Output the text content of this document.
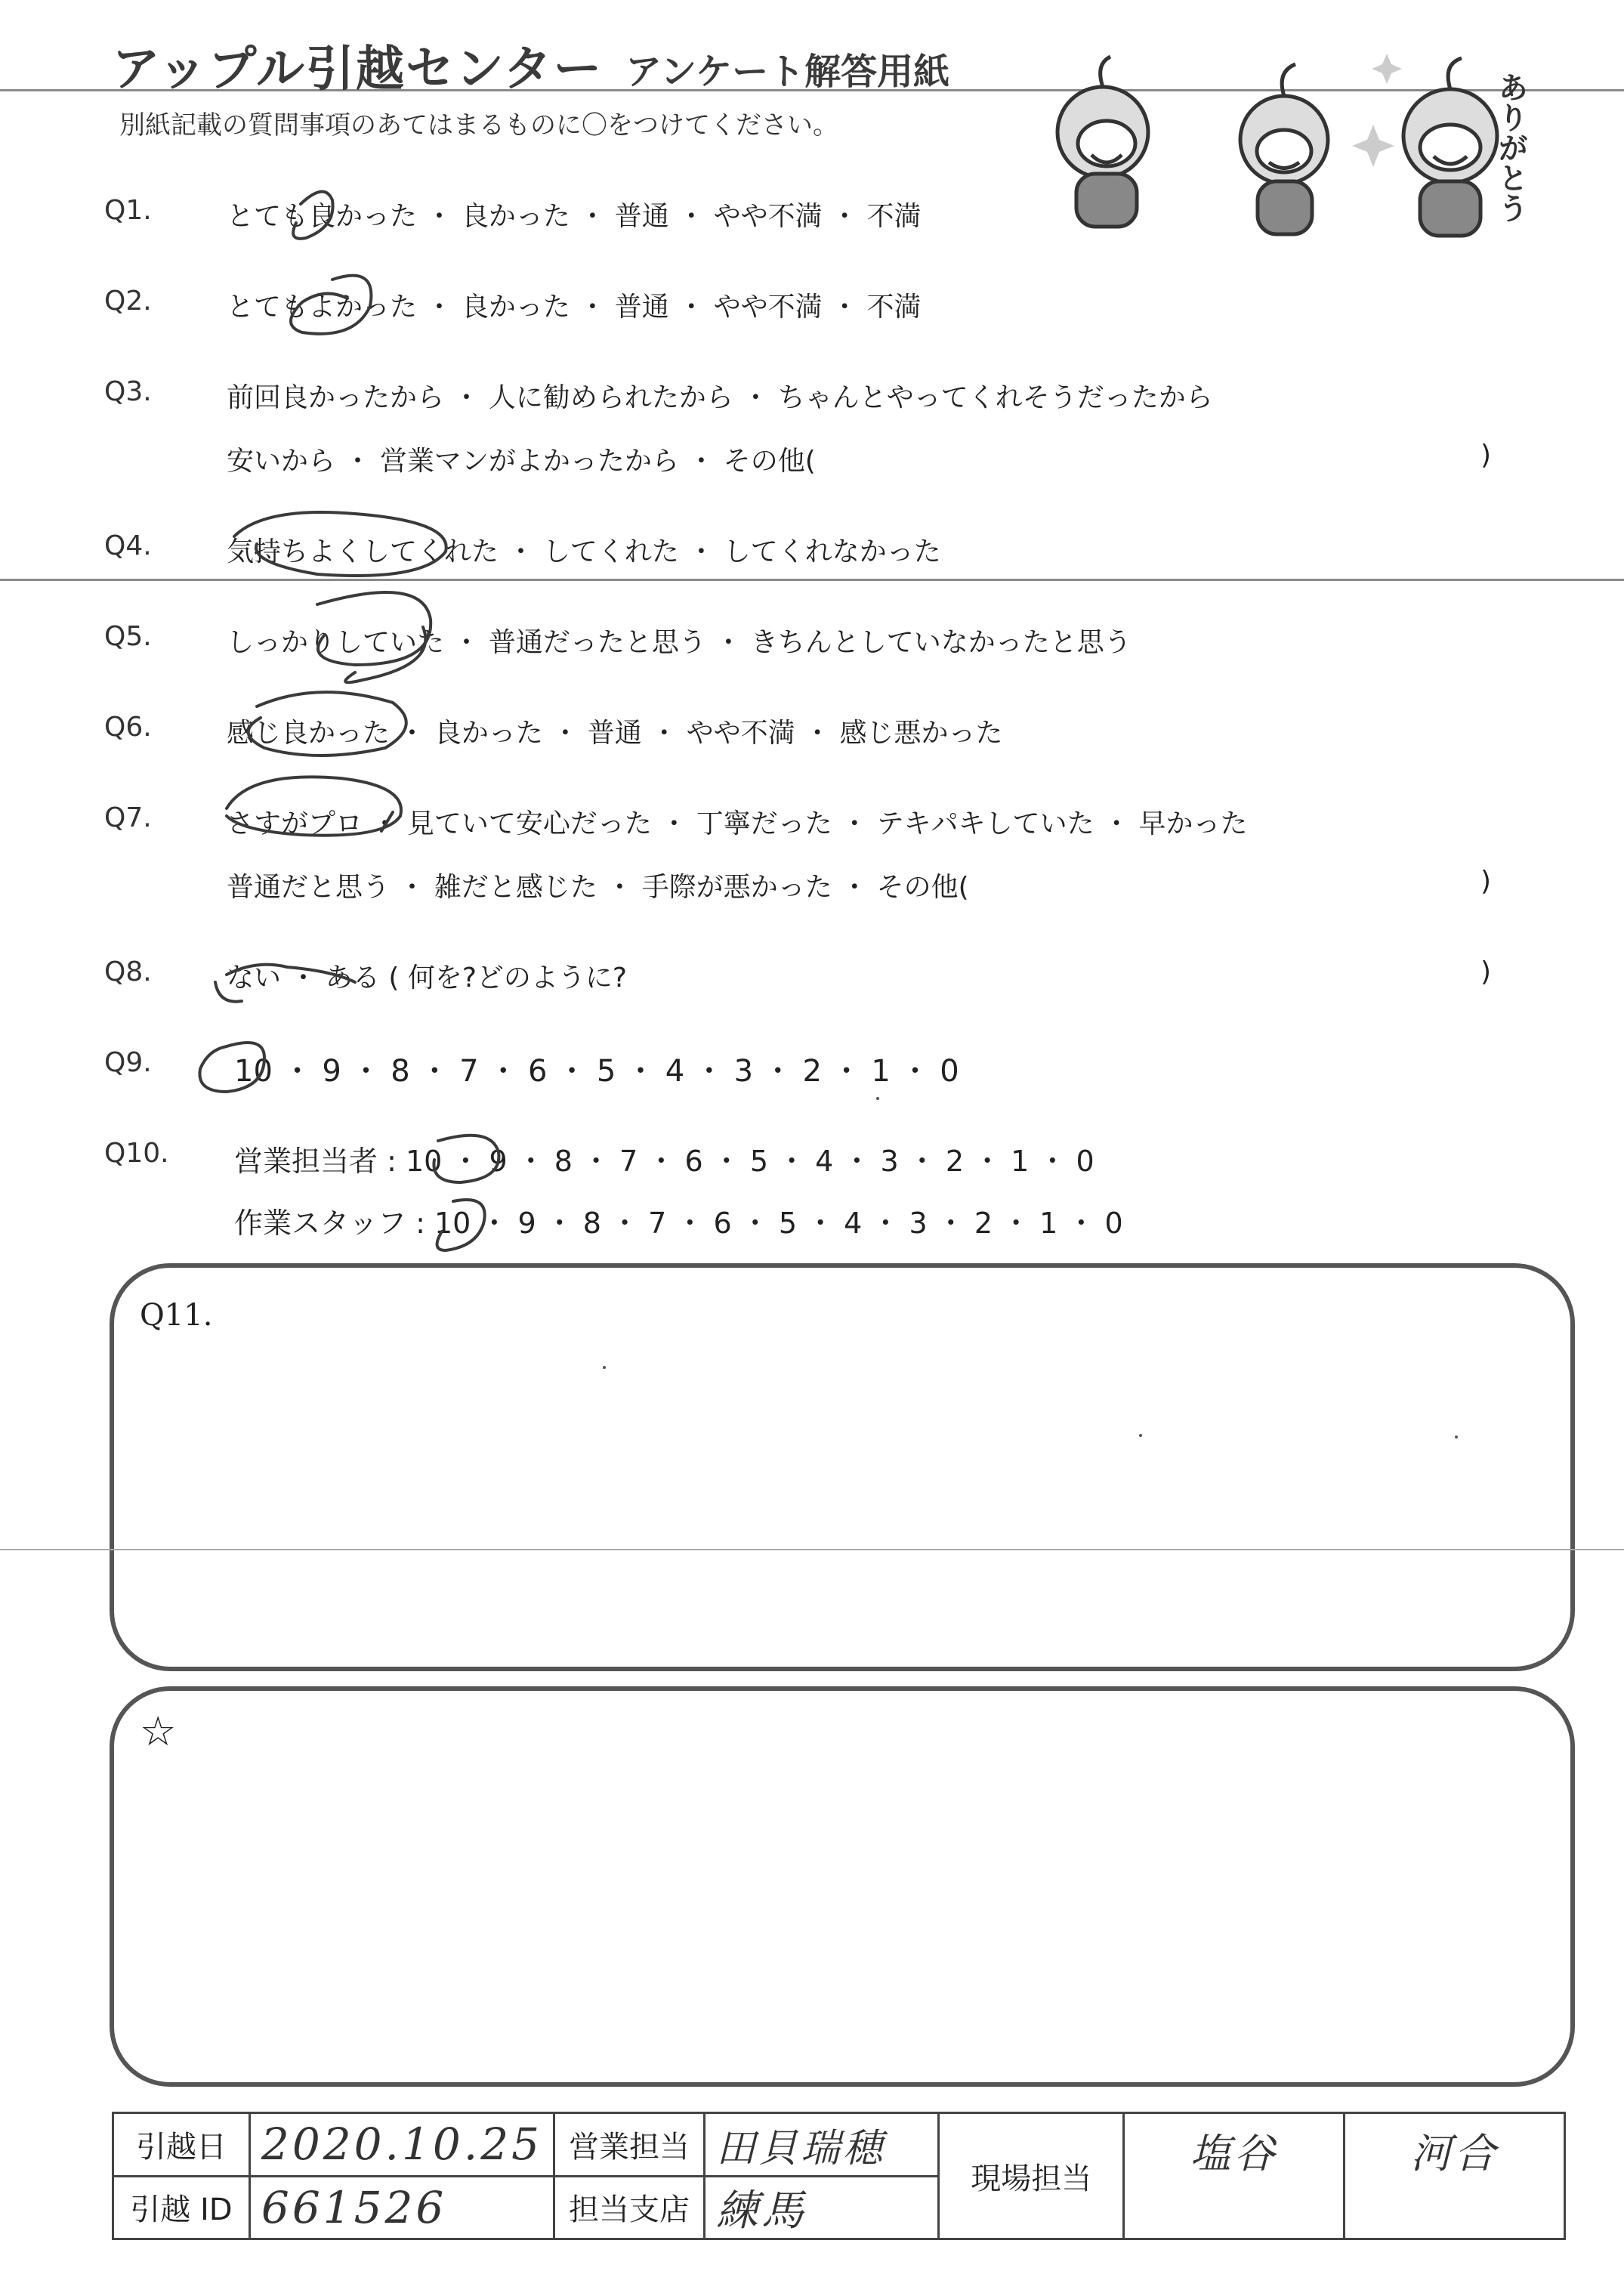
アップル引越センター アンケート解答用紙
別紙記載の質問事項のあてはまるものに〇をつけてください。	ありがとう
Q1.	とても良かった ・ 良かった ・ 普通 ・ やや不満 ・ 不満
Q2.	とてもよかった ・ 良かった ・ 普通 ・ やや不満 ・ 不満
Q3.	前回良かったから ・ 人に勧められたから ・ ちゃんとやってくれそうだったから
安いから ・ 営業マンがよかったから ・ その他(	)
Q4.	気持ちよくしてくれた ・ してくれた ・ してくれなかった
Q5.	しっかりしていた ・ 普通だったと思う ・ きちんとしていなかったと思う
Q6.	感じ良かった ・ 良かった ・ 普通 ・ やや不満 ・ 感じ悪かった
Q7.	さすがプロ ・ 見ていて安心だった ・ 丁寧だった ・ テキパキしていた ・ 早かった
普通だと思う ・ 雑だと感じた ・ 手際が悪かった ・ その他(	)
Q8.	ない ・ ある ( 何を?どのように?	)
Q9.	10 ・ 9 ・ 8 ・ 7 ・ 6 ・ 5 ・ 4 ・ 3 ・ 2 ・ 1 ・ 0
Q10. 営業担当者 : 10 ・ 9 ・ 8 ・ 7 ・ 6 ・ 5 ・ 4 ・ 3 ・ 2 ・ 1 ・ 0
作業スタッフ : 10 ・ 9 ・ 8 ・ 7 ・ 6 ・ 5 ・ 4 ・ 3 ・ 2 ・ 1 ・ 0
Q11.
☆
引越日	2020.10.25	営業担当	田貝瑞穂	現場担当	塩谷	河合
引越 ID	661526	担当支店	練馬			
